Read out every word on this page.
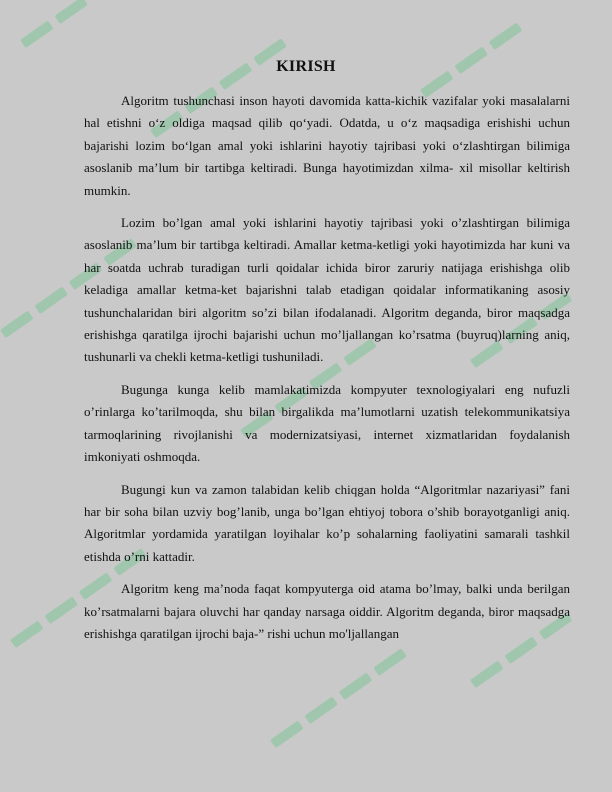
KIRISH

Algoritm tushunchasi inson hayoti davomida katta-kichik vazifalar yoki masalalarni hal etishni o‘z oldiga maqsad qilib qo‘yadi. Odatda, u o‘z maqsadiga erishishi uchun bajarishi lozim bo‘lgan amal yoki ishlarini hayotiy tajribasi yoki o‘zlashtirgan bilimiga asoslanib ma’lum bir tartibga keltiradi. Bunga hayotimizdan xilma- xil misollar keltirish mumkin.

Lozim bo’lgan amal yoki ishlarini hayotiy tajribasi yoki o’zlashtirgan bilimiga asoslanib ma’lum bir tartibga keltiradi. Amallar ketma-ketligi yoki hayotimizda har kuni va har soatda uchrab turadigan turli qoidalar ichida biror zaruriy natijaga erishishga olib keladiga amallar ketma-ket bajarishni talab etadigan qoidalar informatikaning asosiy tushunchalaridan biri algoritm so’zi bilan ifodalanadi. Algoritm deganda, biror maqsadga erishishga qaratilga ijrochi bajarishi uchun mo’ljallangan ko’rsatma (buyruq)larning aniq, tushunarli va chekli ketma-ketligi tushuniladi.

Bugunga kunga kelib mamlakatimizda kompyuter texnologiyalari eng nufuzli o’rinlarga ko’tarilmoqda, shu bilan birgalikda ma’lumotlarni uzatish telekommunikatsiya tarmoqlarining rivojlanishi va modernizatsiyasi, internet xizmatlaridan foydalanish imkoniyati oshmoqda.

Bugungi kun va zamon talabidan kelib chiqgan holda “Algoritmlar nazariyasi” fani har bir soha bilan uzviy bog’lanib, unga bo’lgan ehtiyoj tobora o’shib borayotganligi aniq. Algoritmlar yordamida yaratilgan loyihalar ko’p sohalarning faoliyatini samarali tashkil etishda o’rni kattadir.

Algoritm keng ma’noda faqat kompyuterga oid atama bo’lmay, balki unda berilgan ko’rsatmalarni bajara oluvchi har qanday narsaga oiddir. Algoritm deganda, biror maqsadga erishishga qaratilgan ijrochi baja-” rishi uchun mo'ljallangan
